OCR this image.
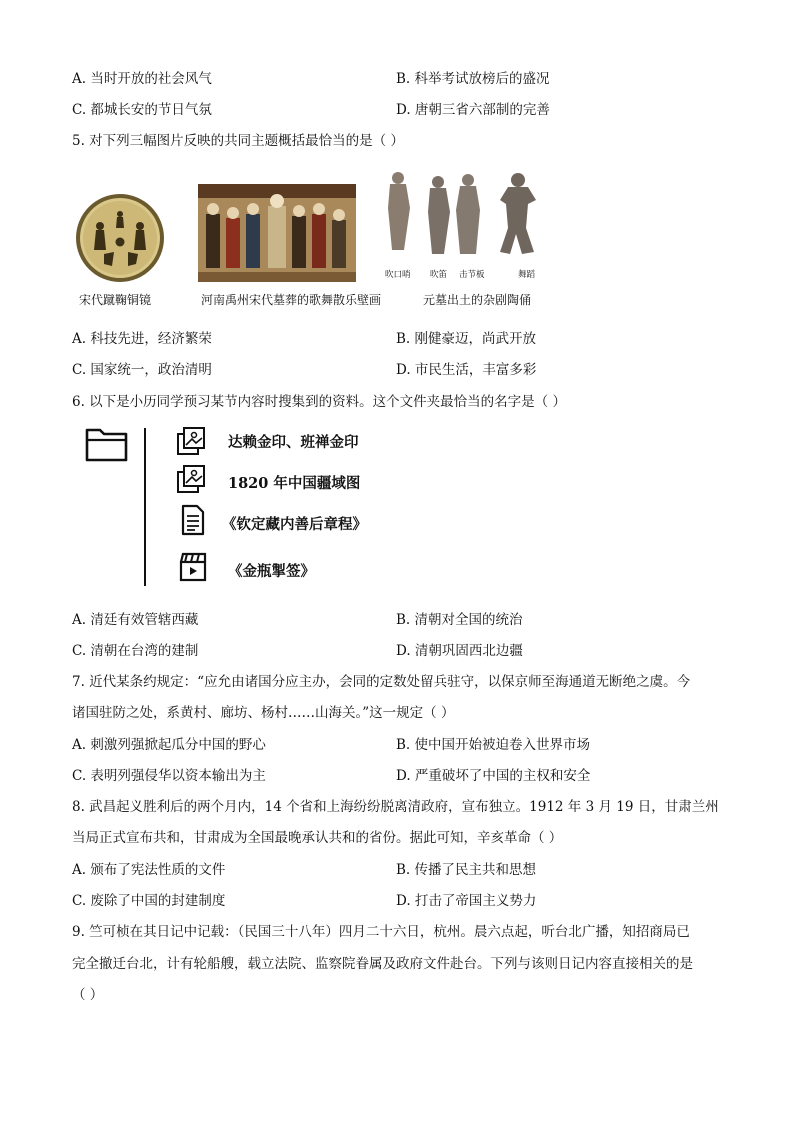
A. 当时开放的社会风气	B. 科举考试放榜后的盛况
C. 都城长安的节日气氛	D. 唐朝三省六部制的完善
5. 对下列三幅图片反映的共同主题概括最恰当的是（ ）
吹口哨 吹笛 击节板	舞蹈
宋代蹴鞠铜镜	河南禹州宋代墓葬的歌舞散乐壁画	元墓出土的杂剧陶俑
A. 科技先进，经济繁荣	B. 刚健豪迈，尚武开放
C. 国家统一，政治清明	D. 市民生活，丰富多彩
6. 以下是小历同学预习某节内容时搜集到的资料。这个文件夹最恰当的名字是（ ）
达赖金印、班禅金印
1820 年中国疆域图
《钦定藏内善后章程》
《金瓶掣签》
A. 清廷有效管辖西藏	B. 清朝对全国的统治
C. 清朝在台湾的建制	D. 清朝巩固西北边疆
7. 近代某条约规定：“应允由诸国分应主办，会同的定数处留兵驻守，以保京师至海通道无断绝之虞。今
诸国驻防之处，系黄村、廊坊、杨村……山海关。”这一规定（ ）
A. 刺激列强掀起瓜分中国的野心	B. 使中国开始被迫卷入世界市场
C. 表明列强侵华以资本输出为主	D. 严重破坏了中国的主权和安全
8. 武昌起义胜利后的两个月内，14 个省和上海纷纷脱离清政府，宣布独立。1912 年 3 月 19 日，甘肃兰州
当局正式宣布共和，甘肃成为全国最晚承认共和的省份。据此可知，辛亥革命（ ）
A. 颁布了宪法性质的文件	B. 传播了民主共和思想
C. 废除了中国的封建制度	D. 打击了帝国主义势力
9. 竺可桢在其日记中记载：（民国三十八年）四月二十六日，杭州。晨六点起，听台北广播，知招商局已
完全撤迁台北，计有轮船艘，载立法院、监察院眷属及政府文件赴台。下列与该则日记内容直接相关的是
（ ）
